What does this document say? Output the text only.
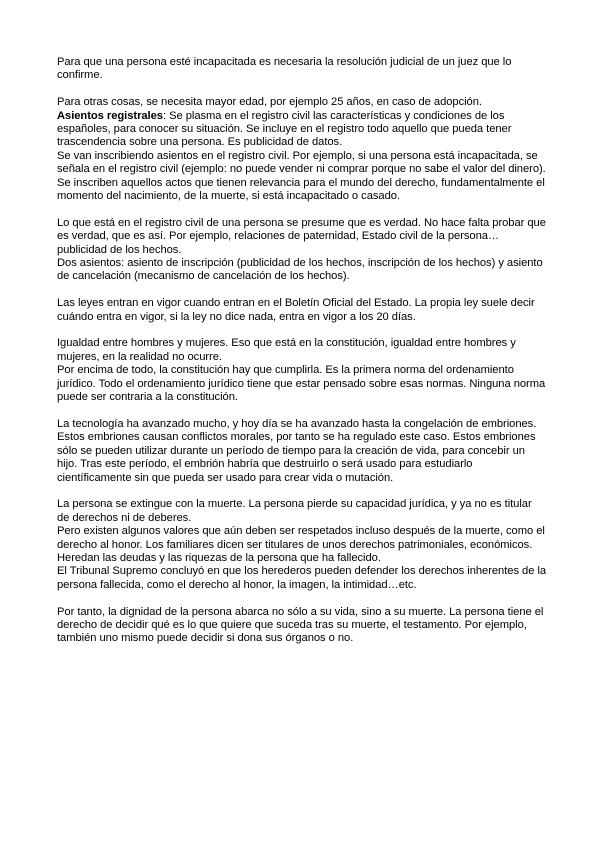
Para que una persona esté incapacitada es necesaria la resolución judicial de un juez que lo confirme.
Para otras cosas, se necesita mayor edad, por ejemplo 25 años, en caso de adopción.
Asientos registrales: Se plasma en el registro civil las características y condiciones de los españoles, para conocer su situación. Se incluye en el registro todo aquello que pueda tener trascendencia sobre una persona. Es publicidad de datos.
Se van inscribiendo asientos en el registro civil. Por ejemplo, si una persona está incapacitada, se señala en el registro civil (ejemplo: no puede vender ni comprar porque no sabe el valor del dinero).
Se inscriben aquellos actos que tienen relevancia para el mundo del derecho, fundamentalmente el momento del nacimiento, de la muerte, si está incapacitado o casado.
Lo que está en el registro civil de una persona se presume que es verdad. No hace falta probar que es verdad, que es así. Por ejemplo, relaciones de paternidad, Estado civil de la persona… publicidad de los hechos.
Dos asientos: asiento de inscripción (publicidad de los hechos, inscripción de los hechos) y asiento de cancelación (mecanismo de cancelación de los hechos).
Las leyes entran en vigor cuando entran en el Boletín Oficial del Estado. La propia ley suele decir cuándo entra en vigor, si la ley no dice nada, entra en vigor a los 20 días.
Igualdad entre hombres y mujeres. Eso que está en la constitución, igualdad entre hombres y mujeres, en la realidad no ocurre.
Por encima de todo, la constitución hay que cumplirla. Es la primera norma del ordenamiento jurídico. Todo el ordenamiento jurídico tiene que estar pensado sobre esas normas. Ninguna norma puede ser contraria a la constitución.
La tecnología ha avanzado mucho, y hoy día se ha avanzado hasta la congelación de embriones. Estos embriones causan conflictos morales, por tanto se ha regulado este caso. Estos embriones sólo se pueden utilizar durante un período de tiempo para la creación de vida, para concebir un hijo. Tras este período, el embrión habría que destruirlo o será usado para estudiarlo científicamente sin que pueda ser usado para crear vida o mutación.
La persona se extingue con la muerte. La persona pierde su capacidad jurídica, y ya no es titular de derechos ni de deberes.
Pero existen algunos valores que aún deben ser respetados incluso después de la muerte, como el derecho al honor. Los familiares dicen ser titulares de unos derechos patrimoniales, económicos. Heredan las deudas y las riquezas de la persona que ha fallecido.
El Tribunal Supremo concluyó en que los herederos pueden defender los derechos inherentes de la persona fallecida, como el derecho al honor, la imagen, la intimidad…etc.
Por tanto, la dignidad de la persona abarca no sólo a su vida, sino a su muerte. La persona tiene el derecho de decidir qué es lo que quiere que suceda tras su muerte, el testamento. Por ejemplo, también uno mismo puede decidir si dona sus órganos o no.
